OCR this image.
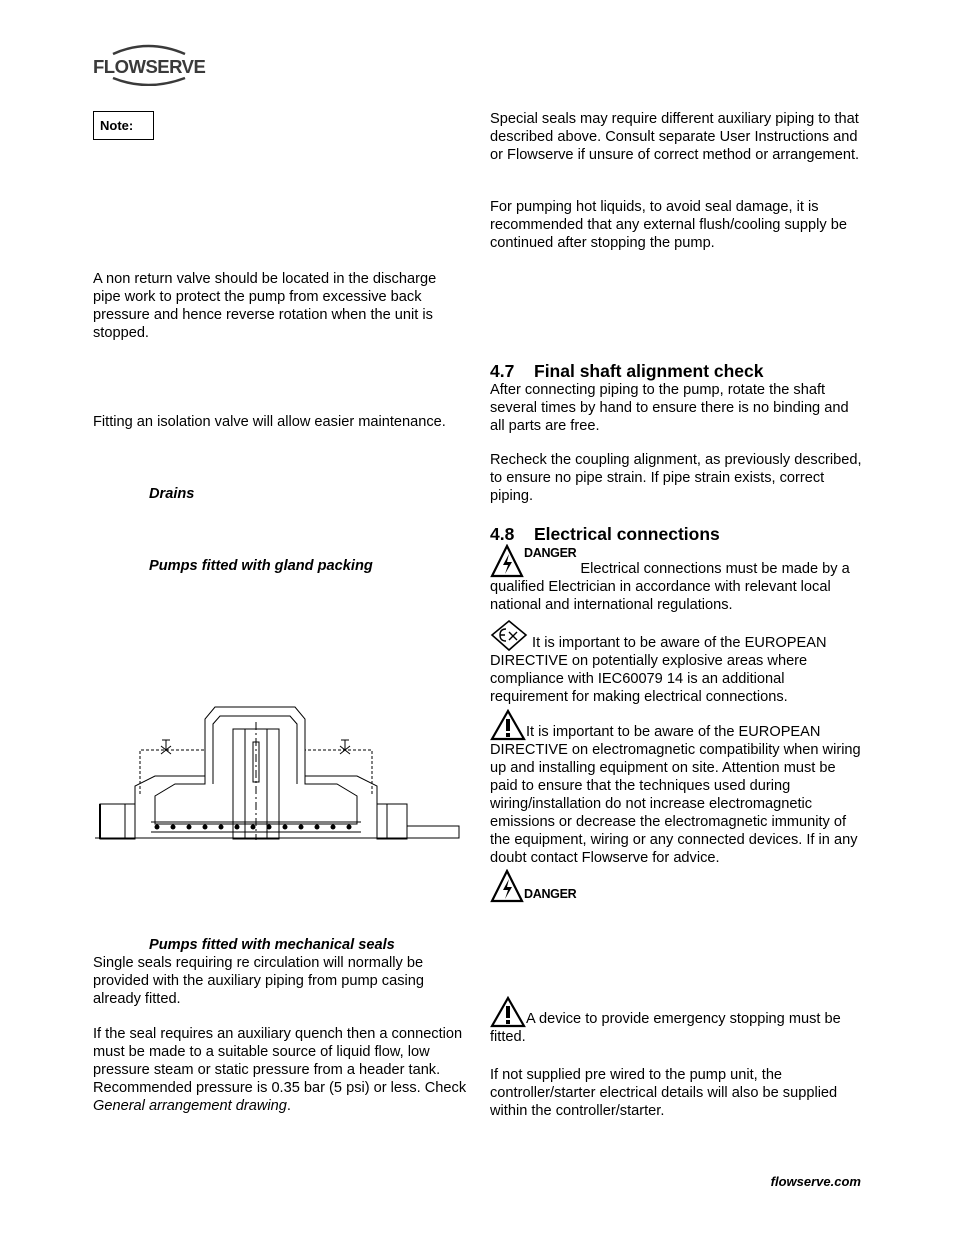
FLOWSERVE
Note:

A non return valve should be located in the discharge pipe work to protect the pump from excessive back pressure and hence reverse rotation when the unit is stopped.

Fitting an isolation valve will allow easier maintenance.

Drains

Pumps fitted with gland packing

Pumps fitted with mechanical seals

Single seals requiring re circulation will normally be provided with the auxiliary piping from pump casing already fitted.

If the seal requires an auxiliary quench then a connection must be made to a suitable source of liquid flow, low pressure steam or static pressure from a header tank. Recommended pressure is 0.35 bar (5 psi) or less. Check General arrangement drawing.

Special seals may require different auxiliary piping to that described above. Consult separate User Instructions and or Flowserve if unsure of correct method or arrangement.

For pumping hot liquids, to avoid seal damage, it is recommended that any external flush/cooling supply be continued after stopping the pump.

4.7 Final shaft alignment check

After connecting piping to the pump, rotate the shaft several times by hand to ensure there is no binding and all parts are free.

Recheck the coupling alignment, as previously described, to ensure no pipe strain. If pipe strain exists, correct piping.

4.8 Electrical connections

DANGER Electrical connections must be made by a qualified Electrician in accordance with relevant local national and international regulations.
It is important to be aware of the EUROPEAN DIRECTIVE on potentially explosive areas where compliance with IEC60079 14 is an additional requirement for making electrical connections.
It is important to be aware of the EUROPEAN DIRECTIVE on electromagnetic compatibility when wiring up and installing equipment on site. Attention must be paid to ensure that the techniques used during wiring/installation do not increase electromagnetic emissions or decrease the electromagnetic immunity of the equipment, wiring or any connected devices. If in any doubt contact Flowserve for advice.
DANGER
A device to provide emergency stopping must be fitted.

If not supplied pre wired to the pump unit, the controller/starter electrical details will also be supplied within the controller/starter.

flowserve.com
